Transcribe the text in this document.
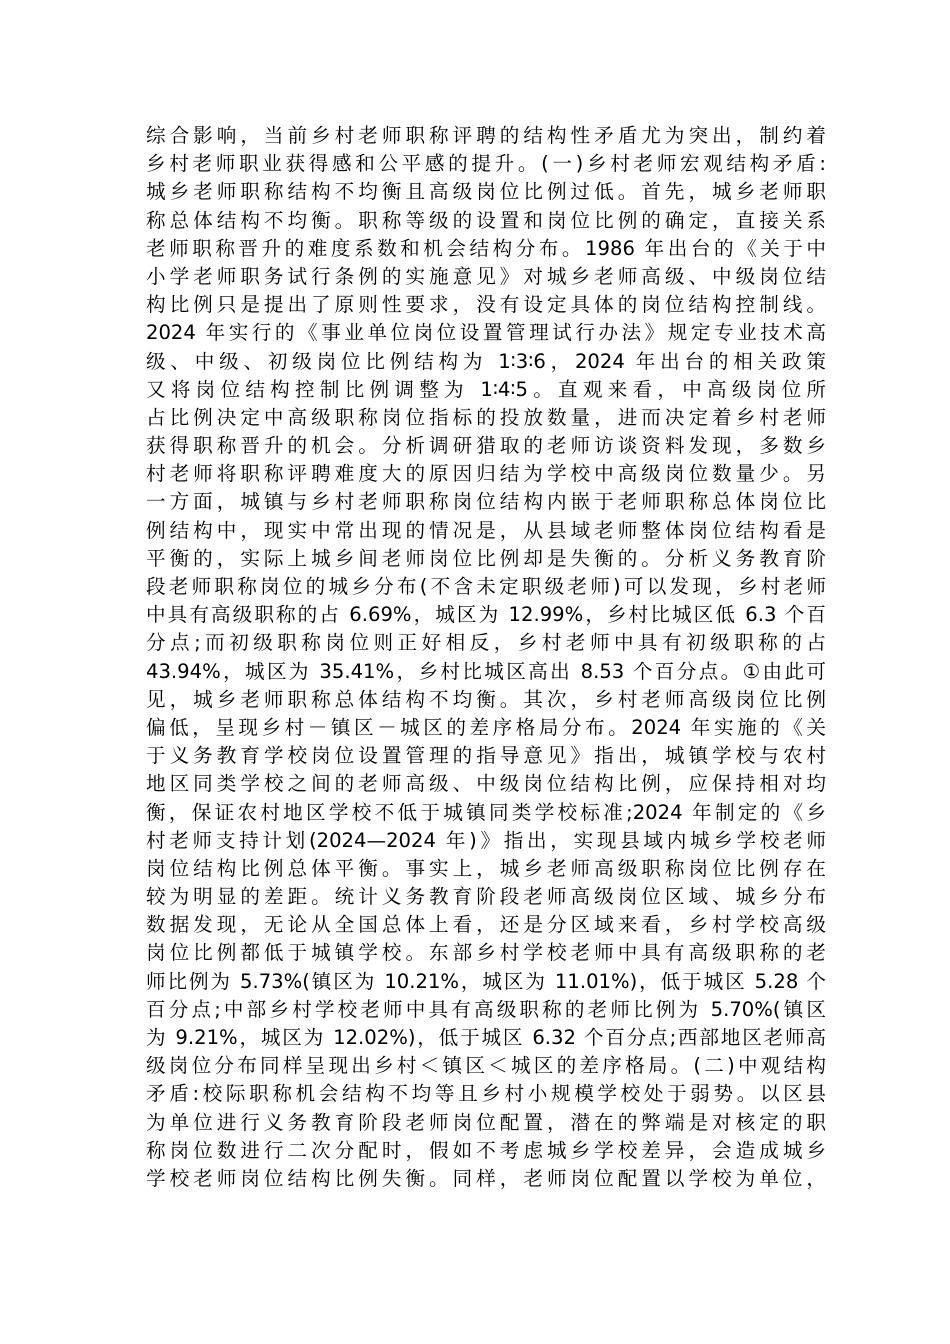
综合影响，当前乡村老师职称评聘的结构性矛盾尤为突出，制约着
乡村老师职业获得感和公平感的提升。(一)乡村老师宏观结构矛盾:
城乡老师职称结构不均衡且高级岗位比例过低。首先，城乡老师职
称总体结构不均衡。职称等级的设置和岗位比例的确定，直接关系
老师职称晋升的难度系数和机会结构分布。1986 年出台的《关于中
小学老师职务试行条例的实施意见》对城乡老师高级、中级岗位结
构比例只是提出了原则性要求，没有设定具体的岗位结构控制线。
2024 年实行的《事业单位岗位设置管理试行办法》规定专业技术高
级、中级、初级岗位比例结构为 1∶3∶6，2024 年出台的相关政策
又将岗位结构控制比例调整为 1∶4∶5。直观来看，中高级岗位所
占比例决定中高级职称岗位指标的投放数量，进而决定着乡村老师
获得职称晋升的机会。分析调研猎取的老师访谈资料发现，多数乡
村老师将职称评聘难度大的原因归结为学校中高级岗位数量少。另
一方面，城镇与乡村老师职称岗位结构内嵌于老师职称总体岗位比
例结构中，现实中常出现的情况是，从县域老师整体岗位结构看是
平衡的，实际上城乡间老师岗位比例却是失衡的。分析义务教育阶
段老师职称岗位的城乡分布(不含未定职级老师)可以发现，乡村老师
中具有高级职称的占 6.69%，城区为 12.99%，乡村比城区低 6.3 个百
分点;而初级职称岗位则正好相反，乡村老师中具有初级职称的占
43.94%，城区为 35.41%，乡村比城区高出 8.53 个百分点。①由此可
见，城乡老师职称总体结构不均衡。其次，乡村老师高级岗位比例
偏低，呈现乡村－镇区－城区的差序格局分布。2024 年实施的《关
于义务教育学校岗位设置管理的指导意见》指出，城镇学校与农村
地区同类学校之间的老师高级、中级岗位结构比例，应保持相对均
衡，保证农村地区学校不低于城镇同类学校标准;2024 年制定的《乡
村老师支持计划(2024—2024 年)》指出，实现县域内城乡学校老师
岗位结构比例总体平衡。事实上，城乡老师高级职称岗位比例存在
较为明显的差距。统计义务教育阶段老师高级岗位区域、城乡分布
数据发现，无论从全国总体上看，还是分区域来看，乡村学校高级
岗位比例都低于城镇学校。东部乡村学校老师中具有高级职称的老
师比例为 5.73%(镇区为 10.21%，城区为 11.01%)，低于城区 5.28 个
百分点;中部乡村学校老师中具有高级职称的老师比例为 5.70%(镇区
为 9.21%，城区为 12.02%)，低于城区 6.32 个百分点;西部地区老师高
级岗位分布同样呈现出乡村＜镇区＜城区的差序格局。(二)中观结构
矛盾:校际职称机会结构不均等且乡村小规模学校处于弱势。以区县
为单位进行义务教育阶段老师岗位配置，潜在的弊端是对核定的职
称岗位数进行二次分配时，假如不考虑城乡学校差异，会造成城乡
学校老师岗位结构比例失衡。同样，老师岗位配置以学校为单位，
